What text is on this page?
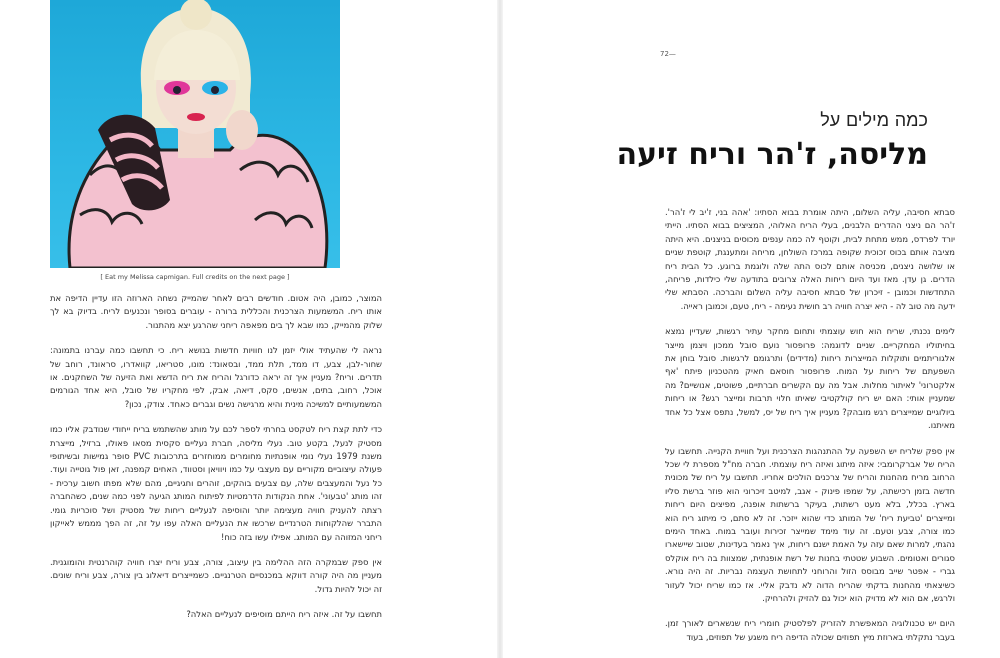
[ Eat my Melissa capmigan. Full credits on the next page ]

המוצר, כמובן, היה אטום. חודשים רבים לאחר שהמייק נשחה הארוזה הזו עדיין הדיפה את אותו ריח. המשמעות הצרכנית והכללית ברורה - עוברים בסופר ונכנעים לריח. בדיוק בא לך שלוק מהמייק, כמו שבא לך בים מפאפה ריחני שהרגע יצא מהתנור.

נראה לי שהעתיד אולי יזמן לנו חוויות חדשות בנושא ריח. כי תחשבו כמה עברנו בתמונה: שחור-לבן, צבע, דו ממד, תלת ממד, ובסאונד: מונו, סטריאו, קוואדרו, סראונד, רוחב של תדרים. וריח? מעניין איך זה יראה כדורגל והריח את ריח הדשא ואת הזיעה של השחקנים. או אוכל, רחוב, בתים, אנשים, סקס, דיאה, אבק, לפי מחקריו של סובל, היא אחד הגורמים המשמעותיים למשיכה מינית והיא מרגישה נשים וגברים כאחד. צודק, נכון?

כדי לתת קצת ריח לטקסט בחרתי לספר לכם על מותג שהשתמש בריח ייחודי שנודבק אליו כמו מסטיק לנעל, בקטע טוב. נעלי מליסה, חברת נעליים סקסית מסאו פאולו, ברזיל, מייצרת משנת 1979 נעלי נומי אופנתיות מחומרים ממוחזרים בתרכובות PVC סופר גמישות ובשיתופי פעולה עיצוביים מקוריים עם מעצבי על כמו ויוויאן וסטווד, האחים קמפנה, זאן פול גוטייה ועוד. כל נעל והמעצבים שלה, עם צבעים בוהקים, זוהרים וחגיגיים, מהם שלא מפתו חשוב ערכית - זהו מותג 'טבעוני'. אחת הנקודות הדרמטיות לפיתוח המותג הגיעה לפני כמה שנים, כשהחברה רצתה להעניק חוויה מעצימה יותר והוסיפה לנעליים ריחות של מסטיק ושל סוכריות גומי. התברר שהלקוחות הטרנדיים שרכשו את הנעליים האלה עפו על זה, זה הפך מממש לאייקון ריחני המזוהה עם המותג. אפילו עשו בזה כוח!

אין ספק שבמקרה הזה ההלימה בין עיצוב, צורה, צבע וריח יצרו חוויה קוהרנטית והומוגנית. מעניין מה היה קורה דווקא במכנסיים הטרנגיים. כשמייצרים דיאלוג בין צורה, צבע וריח שונים. זה יכול להיות גדול.

תחשבו על זה. איזה ריח הייתם מוסיפים לנעליים האלה?

72—
כמה מילים על
מליסה, ז'הר וריח זיעה

סבתא חסיבה, עליה השלום, היתה אומרת בבוא הסתיו: 'אהה בני, ז'יב לי ז'הר'. ז'הר הם ניצני ההדרים הלבנים, בעלי הריח האלוהי, המציצים בבוא הסתיו. הייתי יורד לפרדס, ממש מתחת לבית, וקוטף לה כמה ענפים מכוסים בניצנים. היא היתה מציבה אותם בכוס זכוכית שקופה במרכז השולחן, מריחה ומתענגת, קוטפת שניים או שלושה ניצנים, מכניסה אותם לכוס התה שלה ולוגמת ברוגע. כל הבית ריח הדרים. גן עדן. מאז ועד היום ריחות האלה צרובים בתודעה שלי כילדות, פריחה, התחדשות וכמובן - זיכרון של סבתא חסיבה עליה השלום והברכה. הסבתא שלי ידעה מה טוב לה - היא יצרה חוויה רב חושית נעימה - ריח, טעם, וכמובן ראייה.

לימים נכנתי, שריח הוא חוש עוצמתי ותחום מחקר עתיר רגשות, שעדיין נמצא בחיתוליו המחקריים. שניים לדוגמה: פרופסור נועם סובל ממכון ויצמן מייצר אלגוריתמים ותוקלות המייצרות ריחות (מדידים) ותרגומם לרגשות. סובל בוחן את השפעתם של ריחות על המוח. פרופסור חוסאם חאיק מהטכניון פיתח 'אף אלקטרוני' לאיתור מחלות. אבל מה עם הקשרים חברתיים, פשוטים, אנושיים? מה שמעניין אותי: האם יש ריח קולקטיבי שאיתו חלוי תרבות ומייצר רגש? או ריחות ביולוגיים שמייצרים רגש מובהק? מעניין איך ריח של יס, למשל, נתפס אצל כל אחד מאיתנו.

אין ספק שלריח יש השפעה על ההתנהגות הצרכנית ועל חוויית הקנייה. תחשבו על הריח של אברקרומבי: איזה מיתוג ואיזה ריח עוצמתי. חברה מח"ל מספרת לי שכל הרחוב מריח מהחנות והריח של צרכנים הולכים אחריו. תחשבו על ריח של מכונית חדשה בזמן רכישתה, על שמפו פינוק - אגב, למיטב זיכרוני הוא פוזר ברשת סליו בארץ. בכלל, בלא מעט רשתות, בעיקר ברשתות אופנה, מפיצים היום ריחות ומייצרים 'טביעת ריח' של המותג כדי שהוא ייזכר. זה לא סתם, כי מיתוג ריח הוא כמו צורה, צבע וטעם. זה עוד מימד שמייצר זכירות ועובר במוח. באחד הימים נהגתי, למרות שאם עזה על האמת ישנם ריחות, איך נאמר בעדינות, שטוב שיישארו סגורים ואטומים. השבוע שטטתי בחנות של רשת אופנתית, שמצוות בה ריח אוקלס גברי - אפטר שייב מבוסס הזול והרוחני לתחושת העצמה נבריות. זה היה נורא. כשיצאתי מהחנות בדקתי שהריח הדוה לא נדבק אליי. אז כמו שריח יכול לעזור ולרגש, אם הוא לא מדויק הוא יכול גם להזיק ולהרחיק.

היום יש טכנולוגיה המאפשרת להזריק לפלסטיק חומרי ריח שנשארים לאורך זמן. בעבר נתקלתי בארוזת מיץ תפוזים שכולה הדיפה ריח משגע של תפוזים, בעוד
